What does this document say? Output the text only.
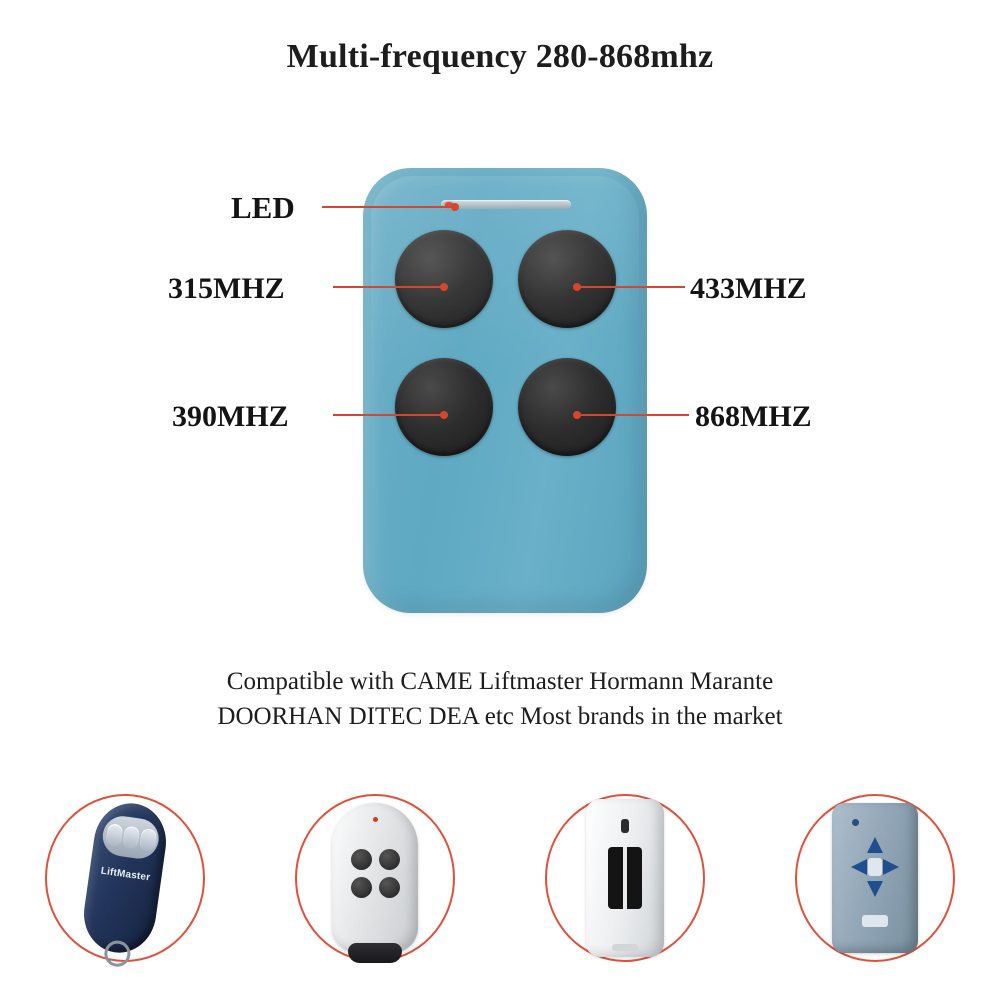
Multi-frequency 280-868mhz
LED
315MHZ
390MHZ
433MHZ
868MHZ
Compatible with CAME Liftmaster Hormann Marante
DOORHAN DITEC DEA etc Most brands in the market
LiftMaster
